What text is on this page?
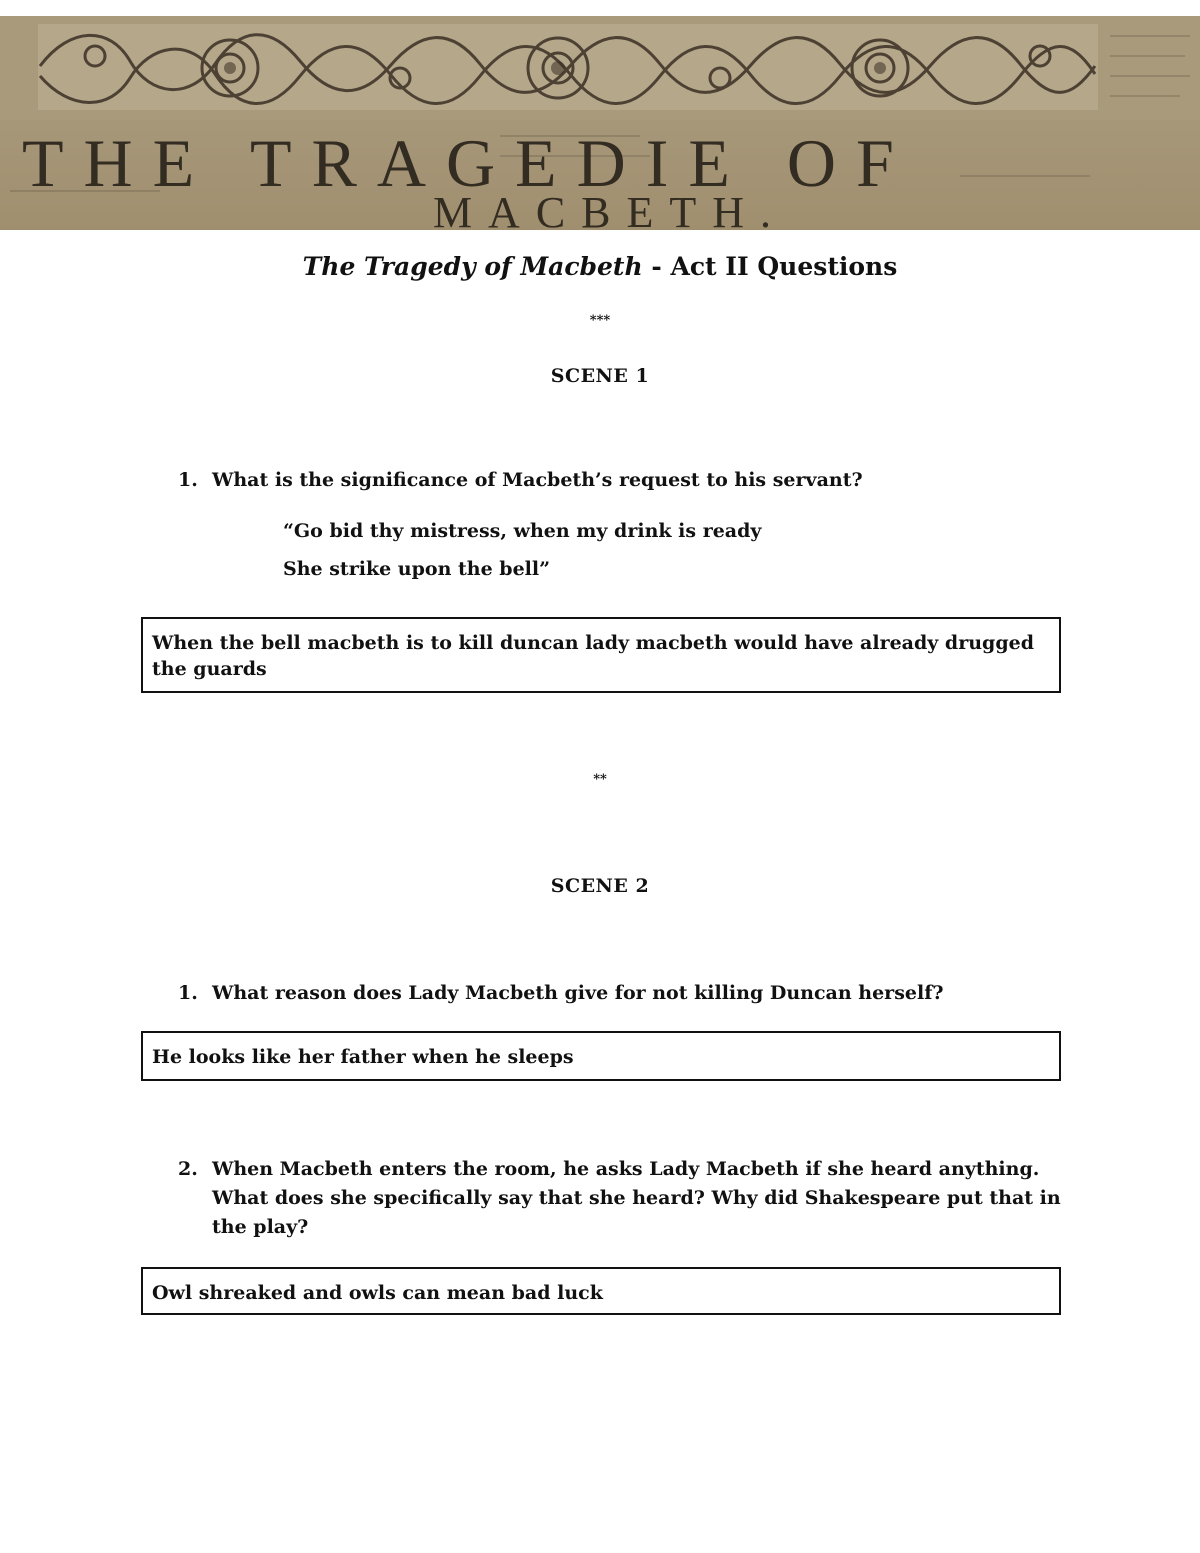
THE TRAGEDIE OF
MACBETH.
The Tragedy of Macbeth - Act II Questions
***
SCENE 1
1. What is the significance of Macbeth’s request to his servant?
“Go bid thy mistress, when my drink is ready
She strike upon the bell”
When the bell macbeth is to kill duncan lady macbeth would have already drugged the guards
**
SCENE 2
1. What reason does Lady Macbeth give for not killing Duncan herself?
He looks like her father when he sleeps
2. When Macbeth enters the room, he asks Lady Macbeth if she heard anything. What does she specifically say that she heard? Why did Shakespeare put that in the play?
Owl shreaked and owls can mean bad luck
